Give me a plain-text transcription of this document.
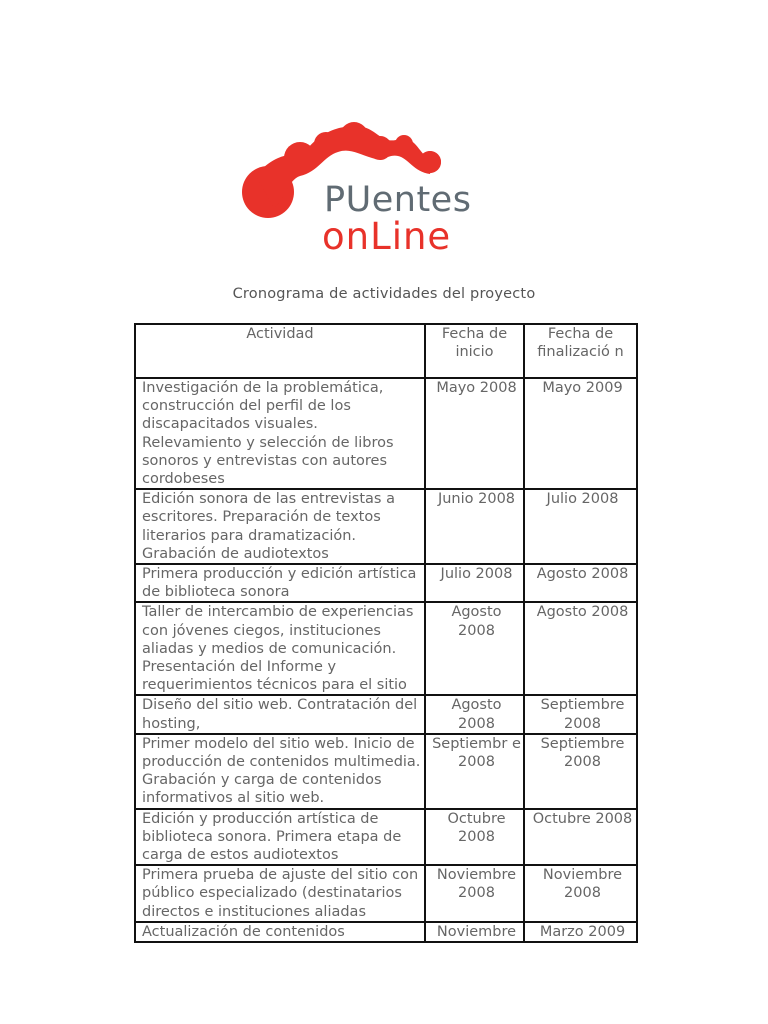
PUentes
onLine
Cronograma de actividades del proyecto
Actividad	Fecha de inicio	Fecha de finalizació n
Investigación de la problemática, construcción del perfil de los discapacitados visuales. Relevamiento y selección de libros sonoros y entrevistas con autores cordobeses	Mayo 2008	Mayo 2009
Edición sonora de las entrevistas a escritores. Preparación de textos literarios para dramatización. Grabación de audiotextos	Junio 2008	Julio 2008
Primera producción y edición artística de biblioteca sonora	Julio 2008	Agosto 2008
Taller de intercambio de experiencias con jóvenes ciegos, instituciones aliadas y medios de comunicación. Presentación del Informe y requerimientos técnicos para el sitio	Agosto 2008	Agosto 2008
Diseño del sitio web. Contratación del hosting,	Agosto 2008	Septiembre 2008
Primer modelo del sitio web. Inicio de producción de contenidos multimedia. Grabación y carga de contenidos informativos al sitio web.	Septiembr e 2008	Septiembre 2008
Edición y producción artística de biblioteca sonora. Primera etapa de carga de estos audiotextos	Octubre 2008	Octubre 2008
Primera prueba de ajuste del sitio con público especializado (destinatarios directos e instituciones aliadas	Noviembre 2008	Noviembre 2008
Actualización de contenidos	Noviembre	Marzo 2009
